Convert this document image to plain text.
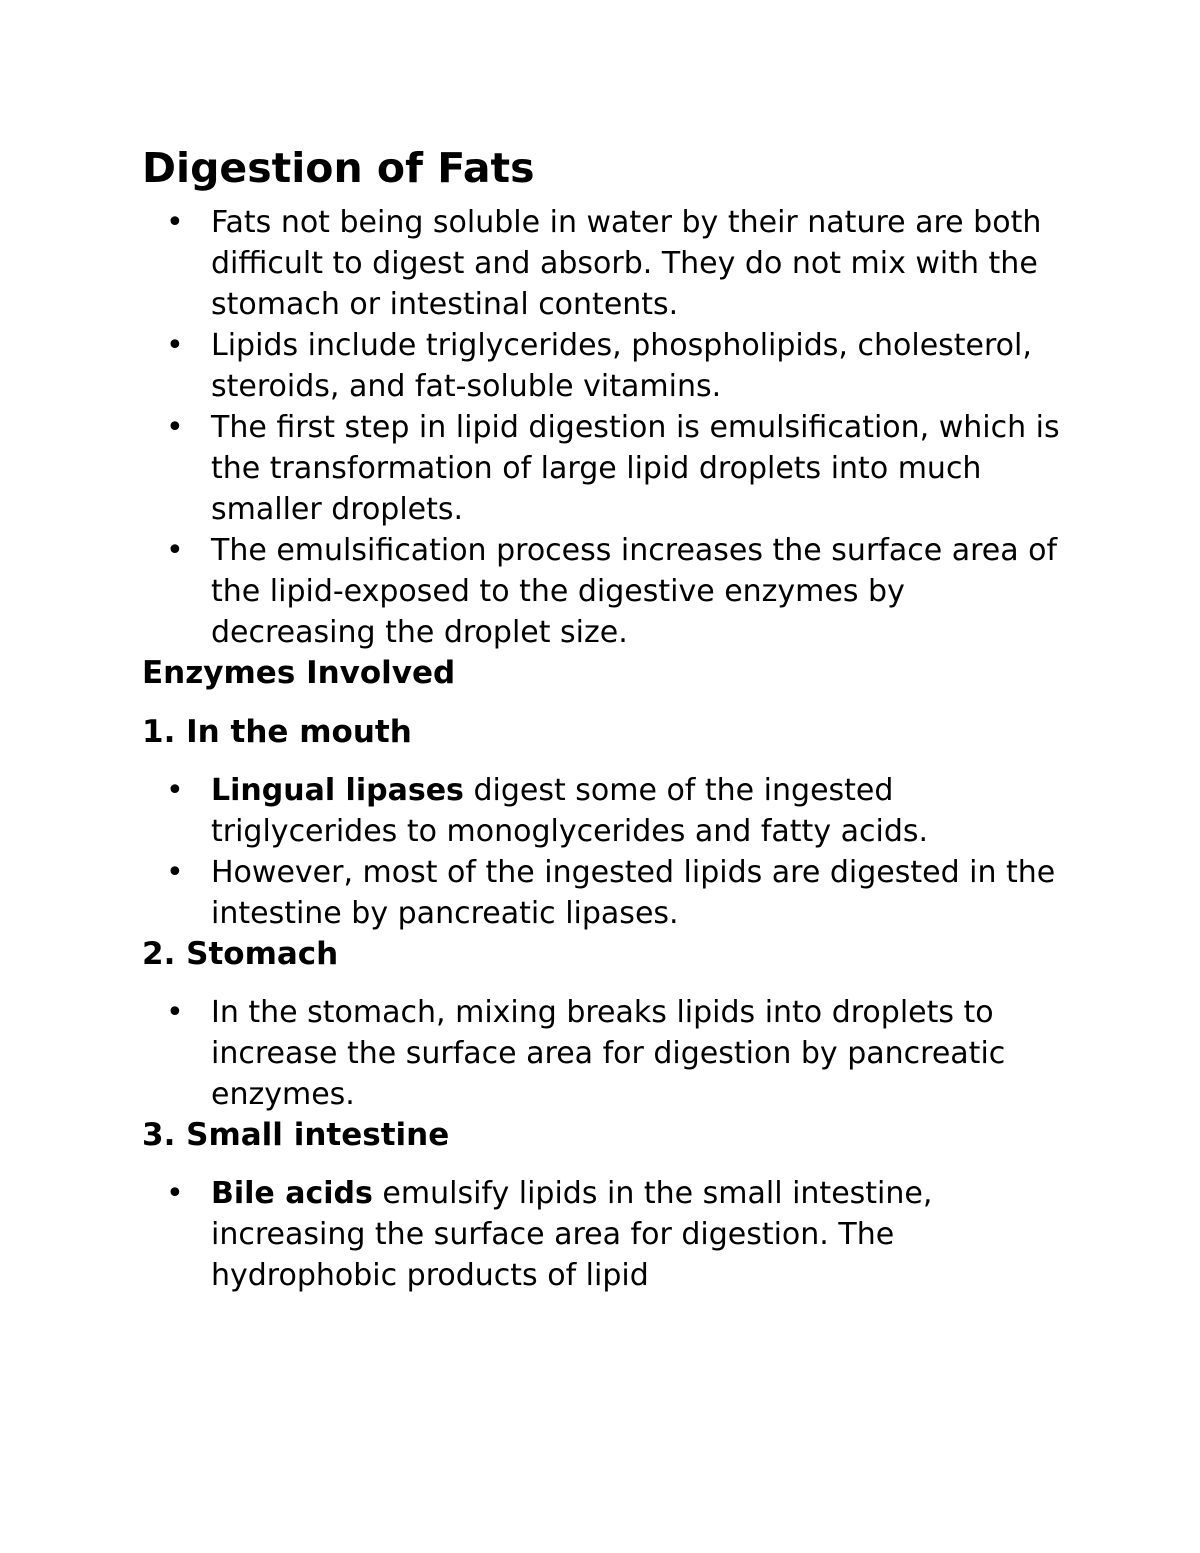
Digestion of Fats
• Fats not being soluble in water by their nature are both difficult to digest and absorb. They do not mix with the stomach or intestinal contents.
• Lipids include triglycerides, phospholipids, cholesterol, steroids, and fat-soluble vitamins.
• The first step in lipid digestion is emulsification, which is the transformation of large lipid droplets into much smaller droplets.
• The emulsification process increases the surface area of the lipid-exposed to the digestive enzymes by decreasing the droplet size.
Enzymes Involved
1. In the mouth
• Lingual lipases digest some of the ingested triglycerides to monoglycerides and fatty acids.
• However, most of the ingested lipids are digested in the intestine by pancreatic lipases.
2. Stomach
• In the stomach, mixing breaks lipids into droplets to increase the surface area for digestion by pancreatic enzymes.
3. Small intestine
• Bile acids emulsify lipids in the small intestine, increasing the surface area for digestion. The hydrophobic products of lipid
